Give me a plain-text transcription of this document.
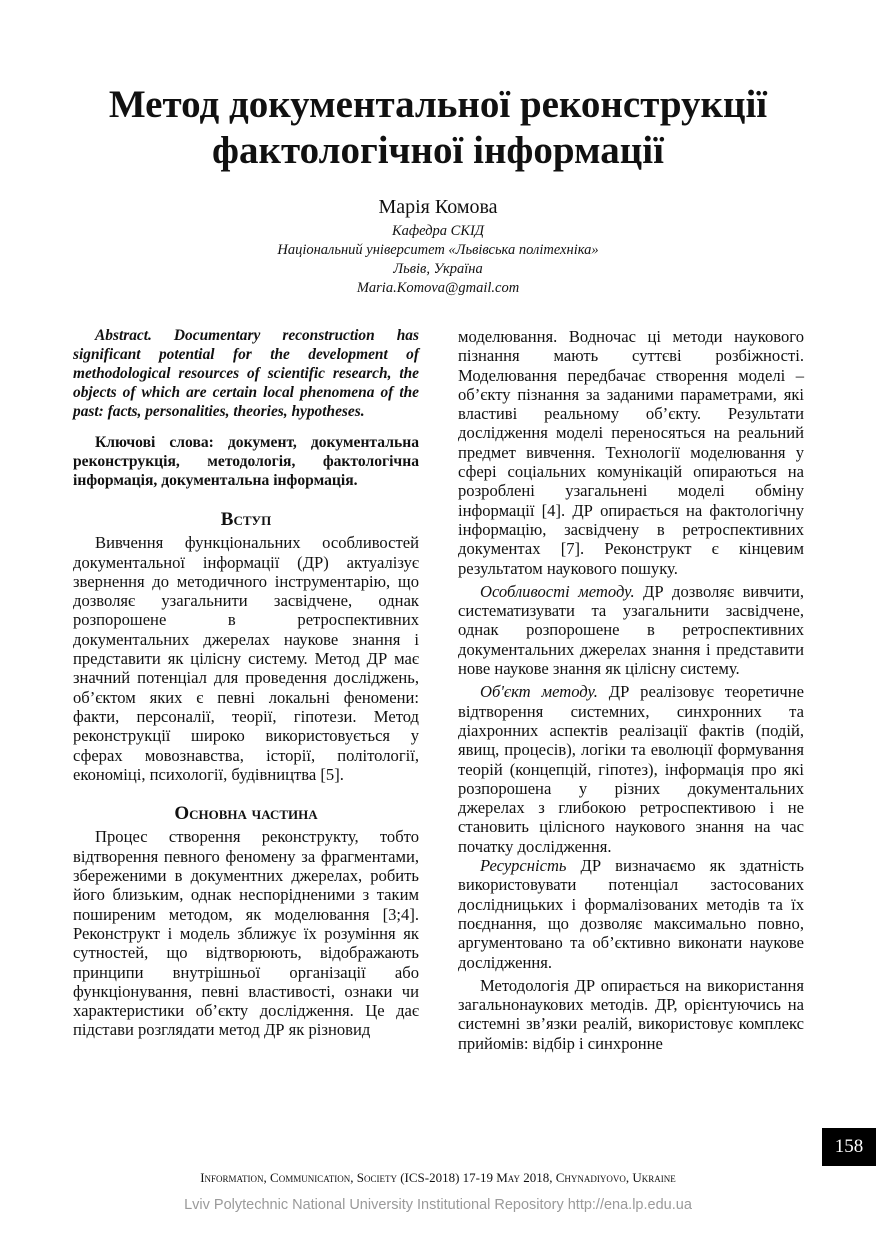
Метод документальної реконструкції
фактологічної інформації
Марія Комова
Кафедра СКІД
Національний університет «Львівська політехніка»
Львів, Україна
Maria.Komova@gmail.com

Abstract. Documentary reconstruction has significant potential for the development of methodological resources of scientific research, the objects of which are certain local phenomena of the past: facts, personalities, theories, hypotheses.

Ключові слова: документ, документальна реконструкція, методологія, фактологічна інформація, документальна інформація.

Вступ

Вивчення функціональних особливостей документальної інформації (ДР) актуалізує звернення до методичного інструментарію, що дозволяє узагальнити засвідчене, однак розпорошене в ретроспективних документальних джерелах наукове знання і представити як цілісну систему. Метод ДР має значний потенціал для проведення досліджень, об’єктом яких є певні локальні феномени: факти, персоналії, теорії, гіпотези. Метод реконструкції широко використовується у сферах мовознавства, історії, політології, економіці, психології, будівництва [5].

Основна частина

Процес створення реконструкту, тобто відтворення певного феномену за фрагментами, збереженими в документних джерелах, робить його близьким, однак неспорідненими з таким поширеним методом, як моделювання [3;4]. Реконструкт і модель зближує їх розуміння як сутностей, що відтворюють, відображають принципи внутрішньої організації або функціонування, певні властивості, ознаки чи характеристики об’єкту дослідження. Це дає підстави розглядати метод ДР як різновид

моделювання. Водночас ці методи наукового пізнання мають суттєві розбіжності. Моделювання передбачає створення моделі – об’єкту пізнання за заданими параметрами, які властиві реальному об’єкту. Результати дослідження моделі переносяться на реальний предмет вивчення. Технології моделювання у сфері соціальних комунікацій опираються на розроблені узагальнені моделі обміну інформації [4]. ДР опирається на фактологічну інформацію, засвідчену в ретроспективних документах [7]. Реконструкт є кінцевим результатом наукового пошуку.

Особливості методу. ДР дозволяє вивчити, систематизувати та узагальнити засвідчене, однак розпорошене в ретроспективних документальних джерелах знання і представити нове наукове знання як цілісну систему.

Об'єкт методу. ДР реалізовує теоретичне відтворення системних, синхронних та діахронних аспектів реалізації фактів (подій, явищ, процесів), логіки та еволюції формування теорій (концепцій, гіпотез), інформація про які розпорошена у різних документальних джерелах з глибокою ретроспективою і не становить цілісного наукового знання на час початку дослідження.

Ресурсність ДР визначаємо як здатність використовувати потенціал застосованих дослідницьких і формалізованих методів та їх поєднання, що дозволяє максимально повно, аргументовано та об’єктивно виконати наукове дослідження.

Методологія ДР опирається на використання загальнонаукових методів. ДР, орієнтуючись на системні зв’язки реалій, використовує комплекс прийомів: відбір і синхронне

158
Information, Communication, Society (ICS-2018) 17-19 May 2018, Chynadiyovo, Ukraine
Lviv Polytechnic National University Institutional Repository http://ena.lp.edu.ua
